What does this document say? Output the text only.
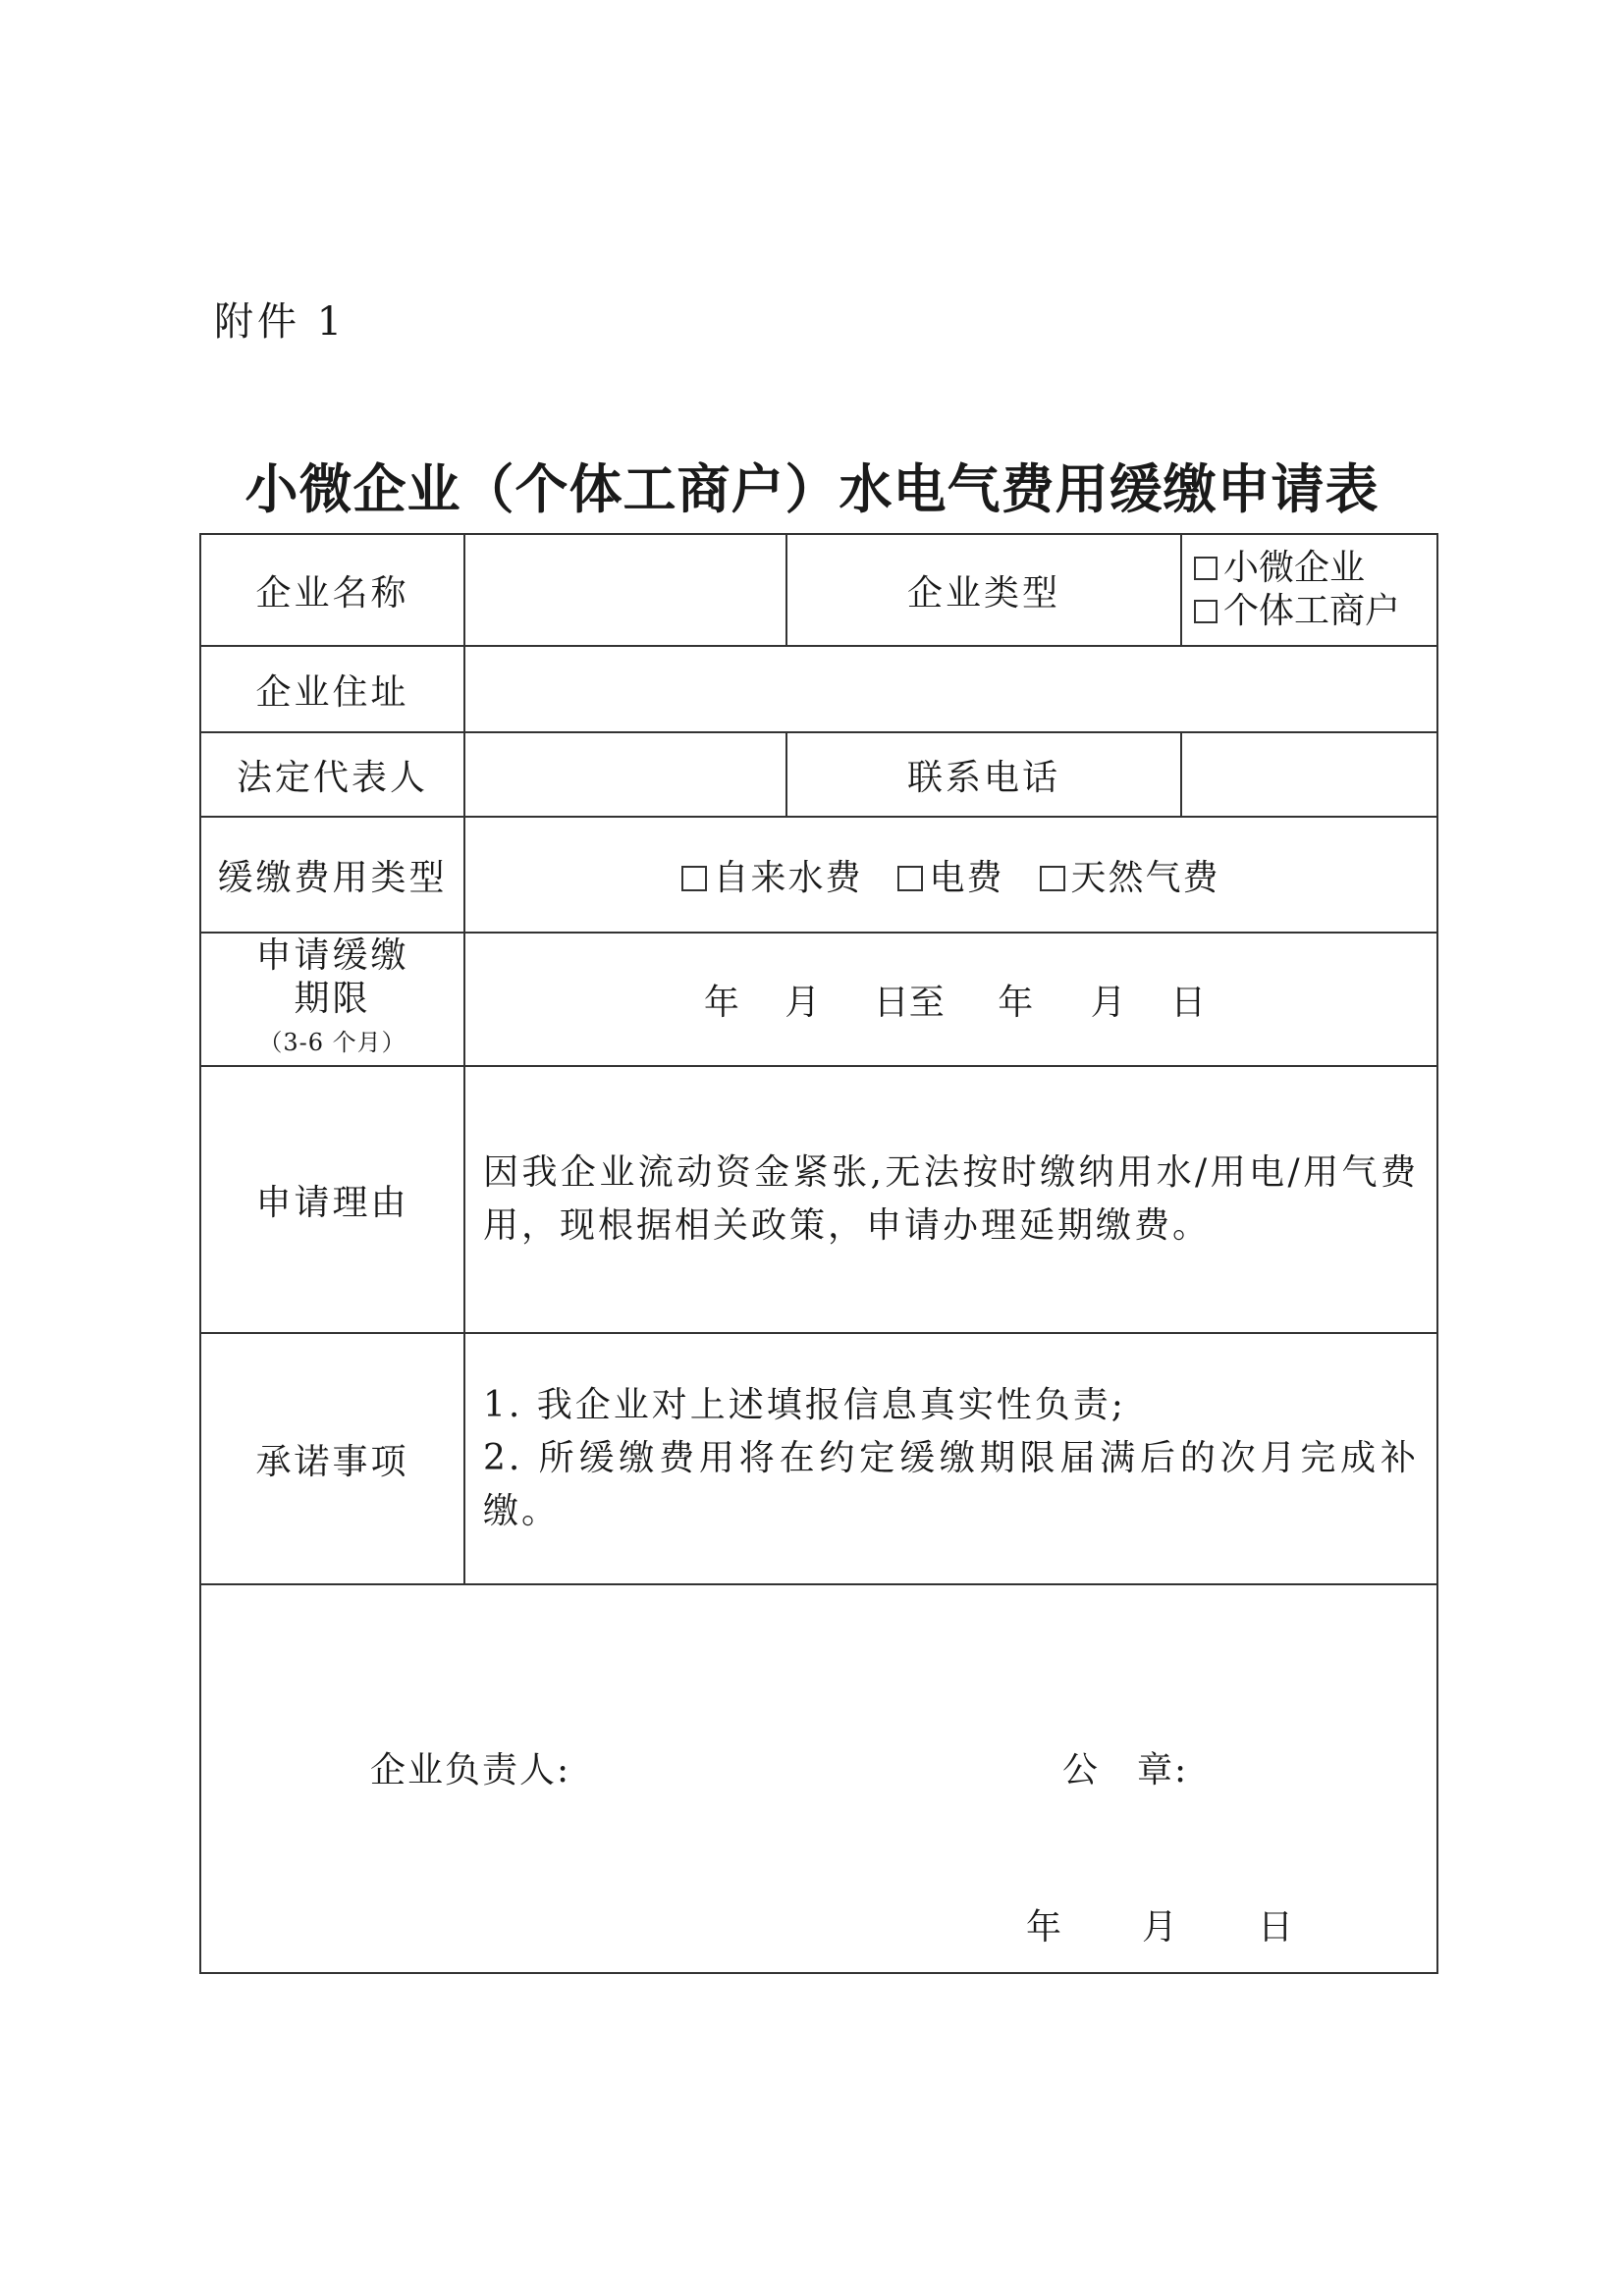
附件 1
小微企业（个体工商户）水电气费用缓缴申请表
企业名称		企业类型	小微企业
个体工商户

企业住址			
法定代表人		联系电话	
缓缴费用类型	自来水费 电费 天然气费		

申请缓缴
期限
（3-6 个月）	年 月 日至 年 月 日		
申请理由	因我企业流动资金紧张,无法按时缴纳用水/用电/用气费用，现根据相关政策，申请办理延期缴费。		
承诺事项	1. 我企业对上述填报信息真实性负责;

2. 所缓缴费用将在约定缓缴期限届满后的次月完成补缴。		

企业负责人: 公　章:
年 月 日			
